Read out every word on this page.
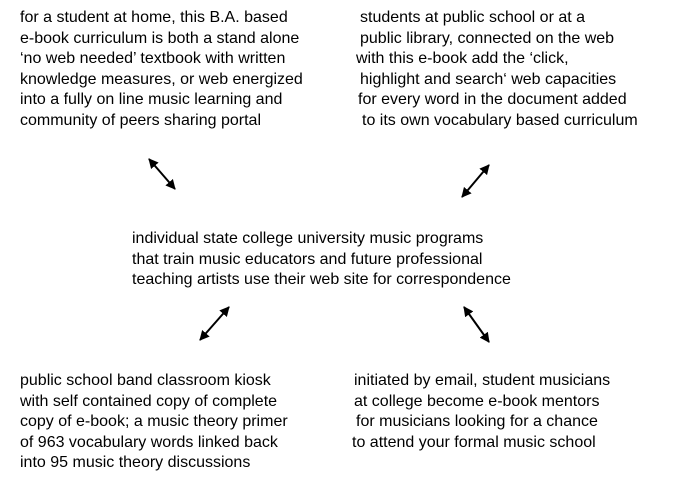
for a student at home, this B.A. based
e-book curriculum is both a stand alone
‘no web needed’ textbook with written
knowledge measures, or web energized
into a fully on line music learning and
community of peers sharing portal
students at public school or at a
public library, connected on the web
with this e-book add the ‘click,
highlight and search‘ web capacities
for every word in the document added
to its own vocabulary based curriculum
individual state college university music programs
that train music educators and future professional
teaching artists use their web site for correspondence
public school band classroom kiosk
with self contained copy of complete
copy of e-book; a music theory primer
of 963 vocabulary words linked back
into 95 music theory discussions
initiated by email, student musicians
at college become e-book mentors
for musicians looking for a chance
to attend your formal music school
